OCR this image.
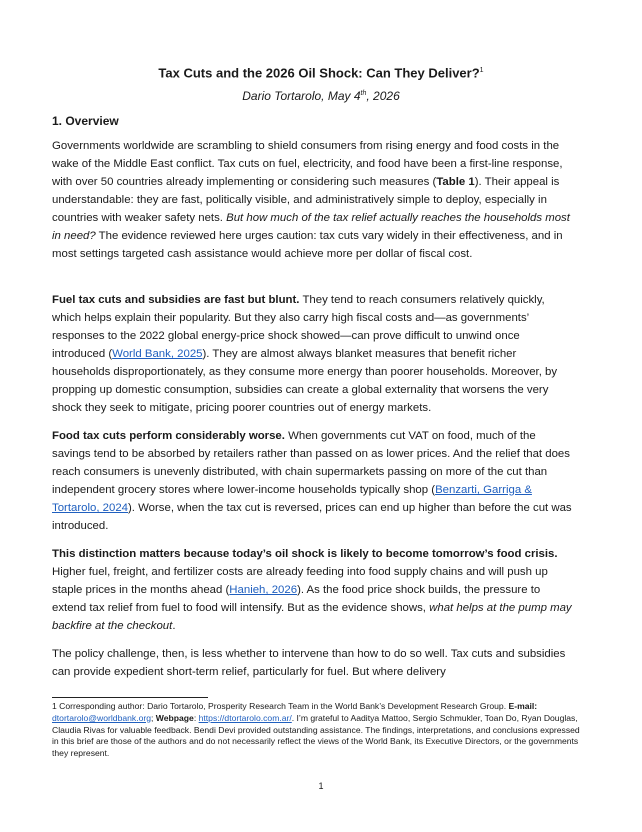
Tax Cuts and the 2026 Oil Shock: Can They Deliver?$^1$
Dario Tortarolo, May 4th, 2026
1. Overview

Governments worldwide are scrambling to shield consumers from rising energy and food costs in the wake of the Middle East conflict. Tax cuts on fuel, electricity, and food have been a first-line response, with over 50 countries already implementing or considering such measures (Table 1). Their appeal is understandable: they are fast, politically visible, and administratively simple to deploy, especially in countries with weaker safety nets. But how much of the tax relief actually reaches the households most in need? The evidence reviewed here urges caution: tax cuts vary widely in their effectiveness, and in most settings targeted cash assistance would achieve more per dollar of fiscal cost.

Fuel tax cuts and subsidies are fast but blunt. They tend to reach consumers relatively quickly, which helps explain their popularity. But they also carry high fiscal costs and—as governments’ responses to the 2022 global energy-price shock showed—can prove difficult to unwind once introduced (World Bank, 2025). They are almost always blanket measures that benefit richer households disproportionately, as they consume more energy than poorer households. Moreover, by propping up domestic consumption, subsidies can create a global externality that worsens the very shock they seek to mitigate, pricing poorer countries out of energy markets.

Food tax cuts perform considerably worse. When governments cut VAT on food, much of the savings tend to be absorbed by retailers rather than passed on as lower prices. And the relief that does reach consumers is unevenly distributed, with chain supermarkets passing on more of the cut than independent grocery stores where lower-income households typically shop (Benzarti, Garriga & Tortarolo, 2024). Worse, when the tax cut is reversed, prices can end up higher than before the cut was introduced.

This distinction matters because today’s oil shock is likely to become tomorrow’s food crisis. Higher fuel, freight, and fertilizer costs are already feeding into food supply chains and will push up staple prices in the months ahead (Hanieh, 2026). As the food price shock builds, the pressure to extend tax relief from fuel to food will intensify. But as the evidence shows, what helps at the pump may backfire at the checkout.

The policy challenge, then, is less whether to intervene than how to do so well. Tax cuts and subsidies can provide expedient short-term relief, particularly for fuel. But where delivery

1 Corresponding author: Dario Tortarolo, Prosperity Research Team in the World Bank’s Development Research Group. E-mail: dtortarolo@worldbank.org; Webpage: https://dtortarolo.com.ar/. I’m grateful to Aaditya Mattoo, Sergio Schmukler, Toan Do, Ryan Douglas, Claudia Rivas for valuable feedback. Bendi Devi provided outstanding assistance. The findings, interpretations, and conclusions expressed in this brief are those of the authors and do not necessarily reflect the views of the World Bank, its Executive Directors, or the governments they represent.
1
